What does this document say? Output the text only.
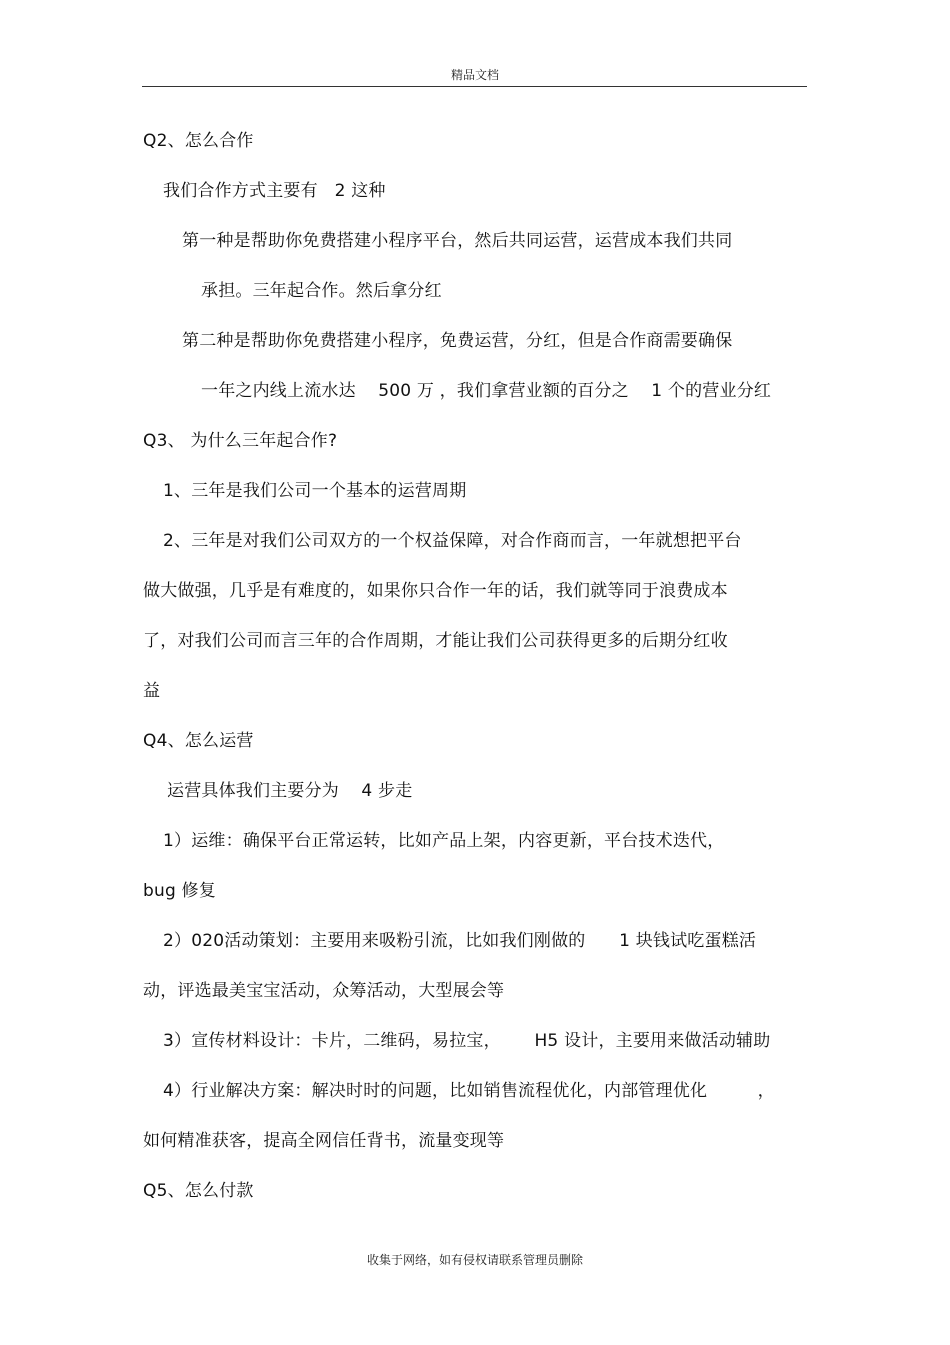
精品文档
Q2、怎么合作
我们合作方式主要有   2 这种
第一种是帮助你免费搭建小程序平台，然后共同运营，运营成本我们共同
承担。三年起合作。然后拿分红
第二种是帮助你免费搭建小程序，免费运营，分红，但是合作商需要确保
一年之内线上流水达    500 万 ，我们拿营业额的百分之    1 个的营业分红
Q3、 为什么三年起合作?
1、三年是我们公司一个基本的运营周期
2、三年是对我们公司双方的一个权益保障，对合作商而言，一年就想把平台
做大做强，几乎是有难度的，如果你只合作一年的话，我们就等同于浪费成本
了，对我们公司而言三年的合作周期，才能让我们公司获得更多的后期分红收
益
Q4、怎么运营
运营具体我们主要分为    4 步走
1）运维：确保平台正常运转，比如产品上架，内容更新，平台技术迭代，
bug 修复
2）020活动策划：主要用来吸粉引流，比如我们刚做的      1 块钱试吃蛋糕活
动，评选最美宝宝活动，众筹活动，大型展会等
3）宣传材料设计：卡片，二维码，易拉宝，      H5 设计，主要用来做活动辅助
4）行业解决方案：解决时时的问题，比如销售流程优化，内部管理优化         ，
如何精准获客，提高全网信任背书，流量变现等
Q5、怎么付款
收集于网络，如有侵权请联系管理员删除
